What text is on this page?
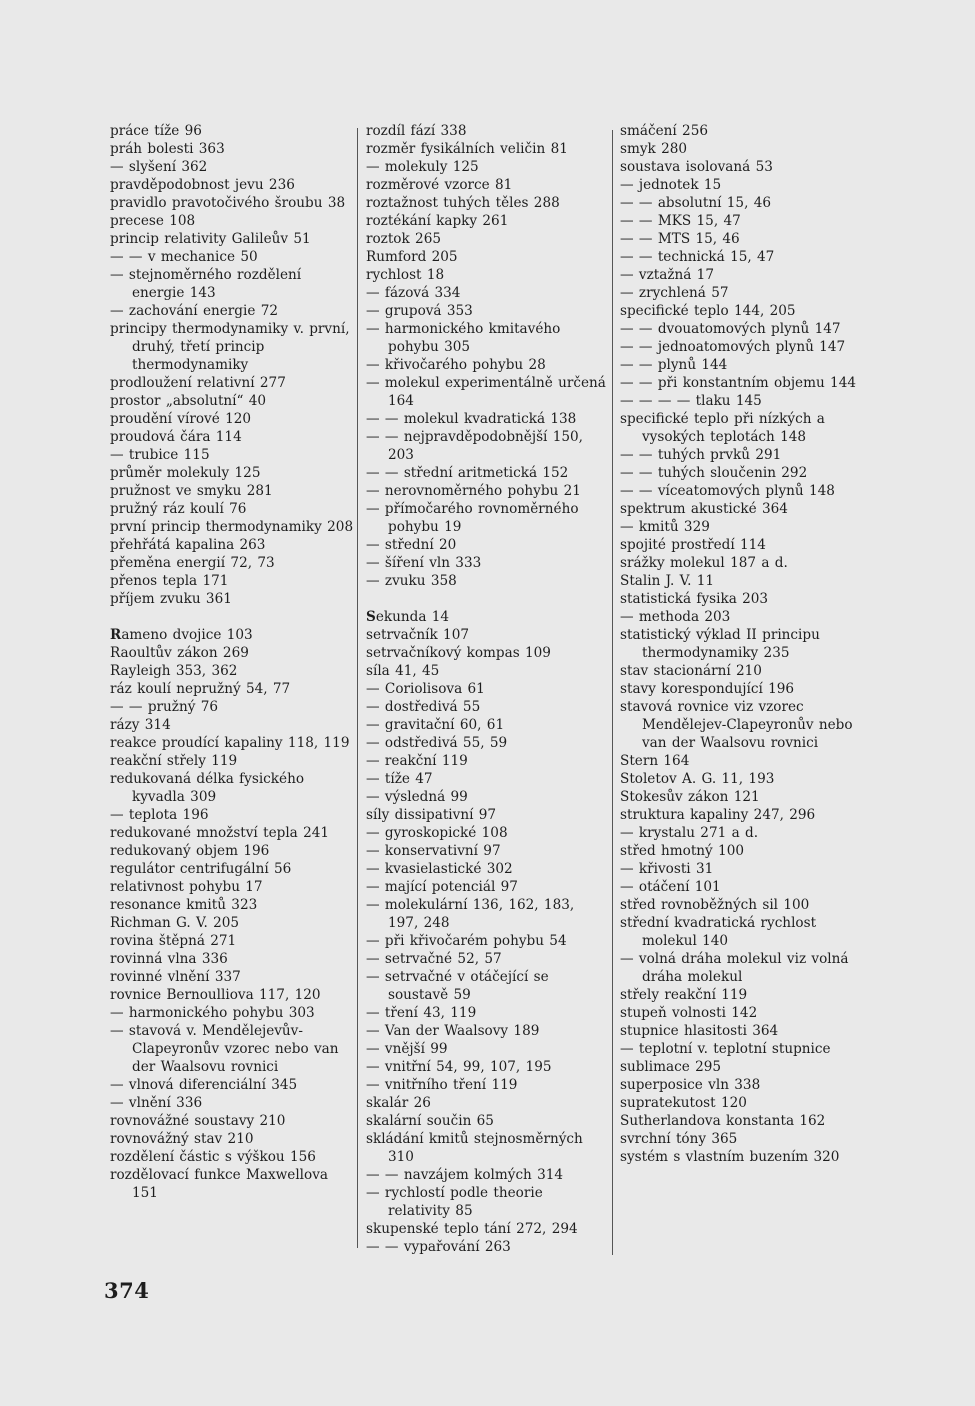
práce tíže 96
práh bolesti 363
— slyšení 362
pravděpodobnost jevu 236
pravidlo pravotočivého šroubu 38
precese 108
princip relativity Galileův 51
— — v mechanice 50
— stejnoměrného rozdělení energie 143
— zachování energie 72
principy thermodynamiky v. první, druhý, třetí princip thermodynamiky
prodloužení relativní 277
prostor „absolutní“ 40
proudění vírové 120
proudová čára 114
— trubice 115
průměr molekuly 125
pružnost ve smyku 281
pružný ráz koulí 76
první princip thermodynamiky 208
přehřátá kapalina 263
přeměna energií 72, 73
přenos tepla 171
příjem zvuku 361
Rameno dvojice 103
Raoultův zákon 269
Rayleigh 353, 362
ráz koulí nepružný 54, 77
— — pružný 76
rázy 314
reakce proudící kapaliny 118, 119
reakční střely 119
redukovaná délka fysického kyvadla 309
— teplota 196
redukované množství tepla 241
redukovaný objem 196
regulátor centrifugální 56
relativnost pohybu 17
resonance kmitů 323
Richman G. V. 205
rovina štěpná 271
rovinná vlna 336
rovinné vlnění 337
rovnice Bernoulliova 117, 120
— harmonického pohybu 303
— stavová v. Mendělejevův-Clapeyronův vzorec nebo van der Waalsovu rovnici
— vlnová diferenciální 345
— vlnění 336
rovnovážné soustavy 210
rovnovážný stav 210
rozdělení částic s výškou 156
rozdělovací funkce Maxwellova 151
rozdíl fází 338
rozměr fysikálních veličin 81
— molekuly 125
rozměrové vzorce 81
roztažnost tuhých těles 288
roztékání kapky 261
roztok 265
Rumford 205
rychlost 18
— fázová 334
— grupová 353
— harmonického kmitavého pohybu 305
— křivočarého pohybu 28
— molekul experimentálně určená 164
— — molekul kvadratická 138
— — nejpravděpodobnější 150, 203
— — střední aritmetická 152
— nerovnoměrného pohybu 21
— přímočarého rovnoměrného pohybu 19
— střední 20
— šíření vln 333
— zvuku 358
Sekunda 14
setrvačník 107
setrvačníkový kompas 109
síla 41, 45
— Coriolisova 61
— dostředivá 55
— gravitační 60, 61
— odstředivá 55, 59
— reakční 119
— tíže 47
— výsledná 99
síly dissipativní 97
— gyroskopické 108
— konservativní 97
— kvasielastické 302
— mající potenciál 97
— molekulární 136, 162, 183, 197, 248
— při křivočarém pohybu 54
— setrvačné 52, 57
— setrvačné v otáčející se soustavě 59
— tření 43, 119
— Van der Waalsovy 189
— vnější 99
— vnitřní 54, 99, 107, 195
— vnitřního tření 119
skalár 26
skalární součin 65
skládání kmitů stejnosměrných 310
— — navzájem kolmých 314
— rychlostí podle theorie relativity 85
skupenské teplo tání 272, 294
— — vypařování 263
smáčení 256
smyk 280
soustava isolovaná 53
— jednotek 15
— — absolutní 15, 46
— — MKS 15, 47
— — MTS 15, 46
— — technická 15, 47
— vztažná 17
— zrychlená 57
specifické teplo 144, 205
— — dvouatomových plynů 147
— — jednoatomových plynů 147
— — plynů 144
— — při konstantním objemu 144
— — — — tlaku 145
specifické teplo při nízkých a vysokých teplotách 148
— — tuhých prvků 291
— — tuhých sloučenin 292
— — víceatomových plynů 148
spektrum akustické 364
— kmitů 329
spojité prostředí 114
srážky molekul 187 a d.
Stalin J. V. 11
statistická fysika 203
— methoda 203
statistický výklad II principu thermodynamiky 235
stav stacionární 210
stavy korespondující 196
stavová rovnice viz vzorec Mendělejev-Clapeyronův nebo van der Waalsovu rovnici
Stern 164
Stoletov A. G. 11, 193
Stokesův zákon 121
struktura kapaliny 247, 296
— krystalu 271 a d.
střed hmotný 100
— křivosti 31
— otáčení 101
střed rovnoběžných sil 100
střední kvadratická rychlost molekul 140
— volná dráha molekul viz volná dráha molekul
střely reakční 119
stupeň volnosti 142
stupnice hlasitosti 364
— teplotní v. teplotní stupnice
sublimace 295
superposice vln 338
supratekutost 120
Sutherlandova konstanta 162
svrchní tóny 365
systém s vlastním buzením 320
374
